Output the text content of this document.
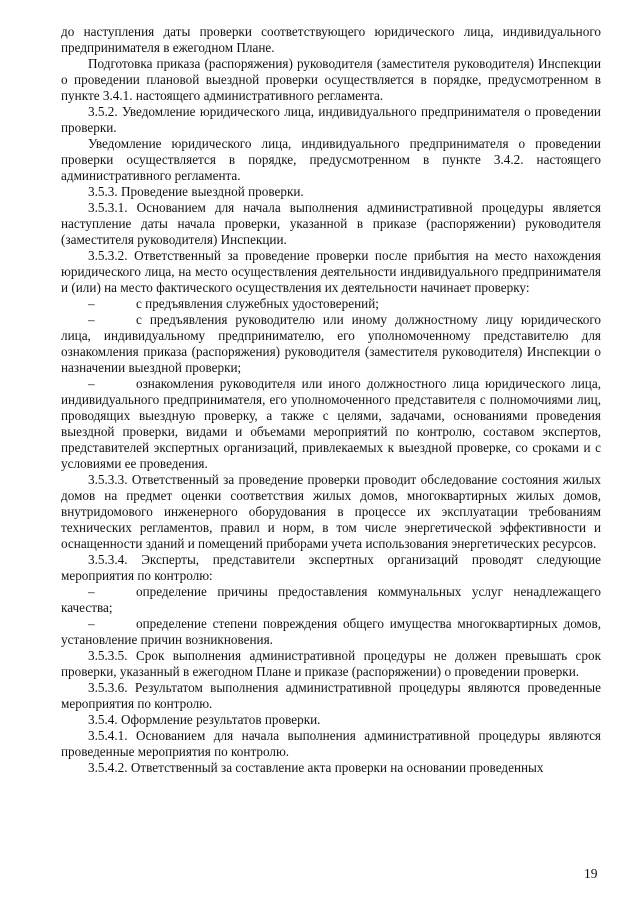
до наступления даты проверки соответствующего юридического лица, индивидуального предпринимателя в ежегодном Плане.

Подготовка приказа (распоряжения) руководителя (заместителя руководителя) Инспекции о проведении плановой выездной проверки осуществляется в порядке, предусмотренном в пункте 3.4.1. настоящего административного регламента.

3.5.2. Уведомление юридического лица, индивидуального предпринимателя о проведении проверки.

Уведомление юридического лица, индивидуального предпринимателя о проведении проверки осуществляется в порядке, предусмотренном в пункте 3.4.2. настоящего административного регламента.

3.5.3. Проведение выездной проверки.

3.5.3.1. Основанием для начала выполнения административной процедуры является наступление даты начала проверки, указанной в приказе (распоряжении) руководителя (заместителя руководителя) Инспекции.

3.5.3.2. Ответственный за проведение проверки после прибытия на место нахождения юридического лица, на место осуществления деятельности индивидуального предпринимателя и (или) на место фактического осуществления их деятельности начинает проверку:

–	с предъявления служебных удостоверений;

–	с предъявления руководителю или иному должностному лицу юридического лица, индивидуальному предпринимателю, его уполномоченному представителю для ознакомления приказа (распоряжения) руководителя (заместителя руководителя) Инспекции о назначении выездной проверки;

–	ознакомления руководителя или иного должностного лица юридического лица, индивидуального предпринимателя, его уполномоченного представителя с полномочиями лиц, проводящих выездную проверку, а также с целями, задачами, основаниями проведения выездной проверки, видами и объемами мероприятий по контролю, составом экспертов, представителей экспертных организаций, привлекаемых к выездной проверке, со сроками и с условиями ее проведения.

3.5.3.3. Ответственный за проведение проверки проводит обследование состояния жилых домов на предмет оценки соответствия жилых домов, многоквартирных жилых домов, внутридомового инженерного оборудования в процессе их эксплуатации требованиям технических регламентов, правил и норм, в том числе энергетической эффективности и оснащенности зданий и помещений приборами учета использования энергетических ресурсов.

3.5.3.4. Эксперты, представители экспертных организаций проводят следующие мероприятия по контролю:

–	определение причины предоставления коммунальных услуг ненадлежащего качества;

–	определение степени повреждения общего имущества многоквартирных домов, установление причин возникновения.

3.5.3.5. Срок выполнения административной процедуры не должен превышать срок проверки, указанный в ежегодном Плане и приказе (распоряжении) о проведении проверки.

3.5.3.6. Результатом выполнения административной процедуры являются проведенные мероприятия по контролю.

3.5.4. Оформление результатов проверки.

3.5.4.1. Основанием для начала выполнения административной процедуры являются проведенные мероприятия по контролю.

3.5.4.2. Ответственный за составление акта проверки на основании проведенных

19
